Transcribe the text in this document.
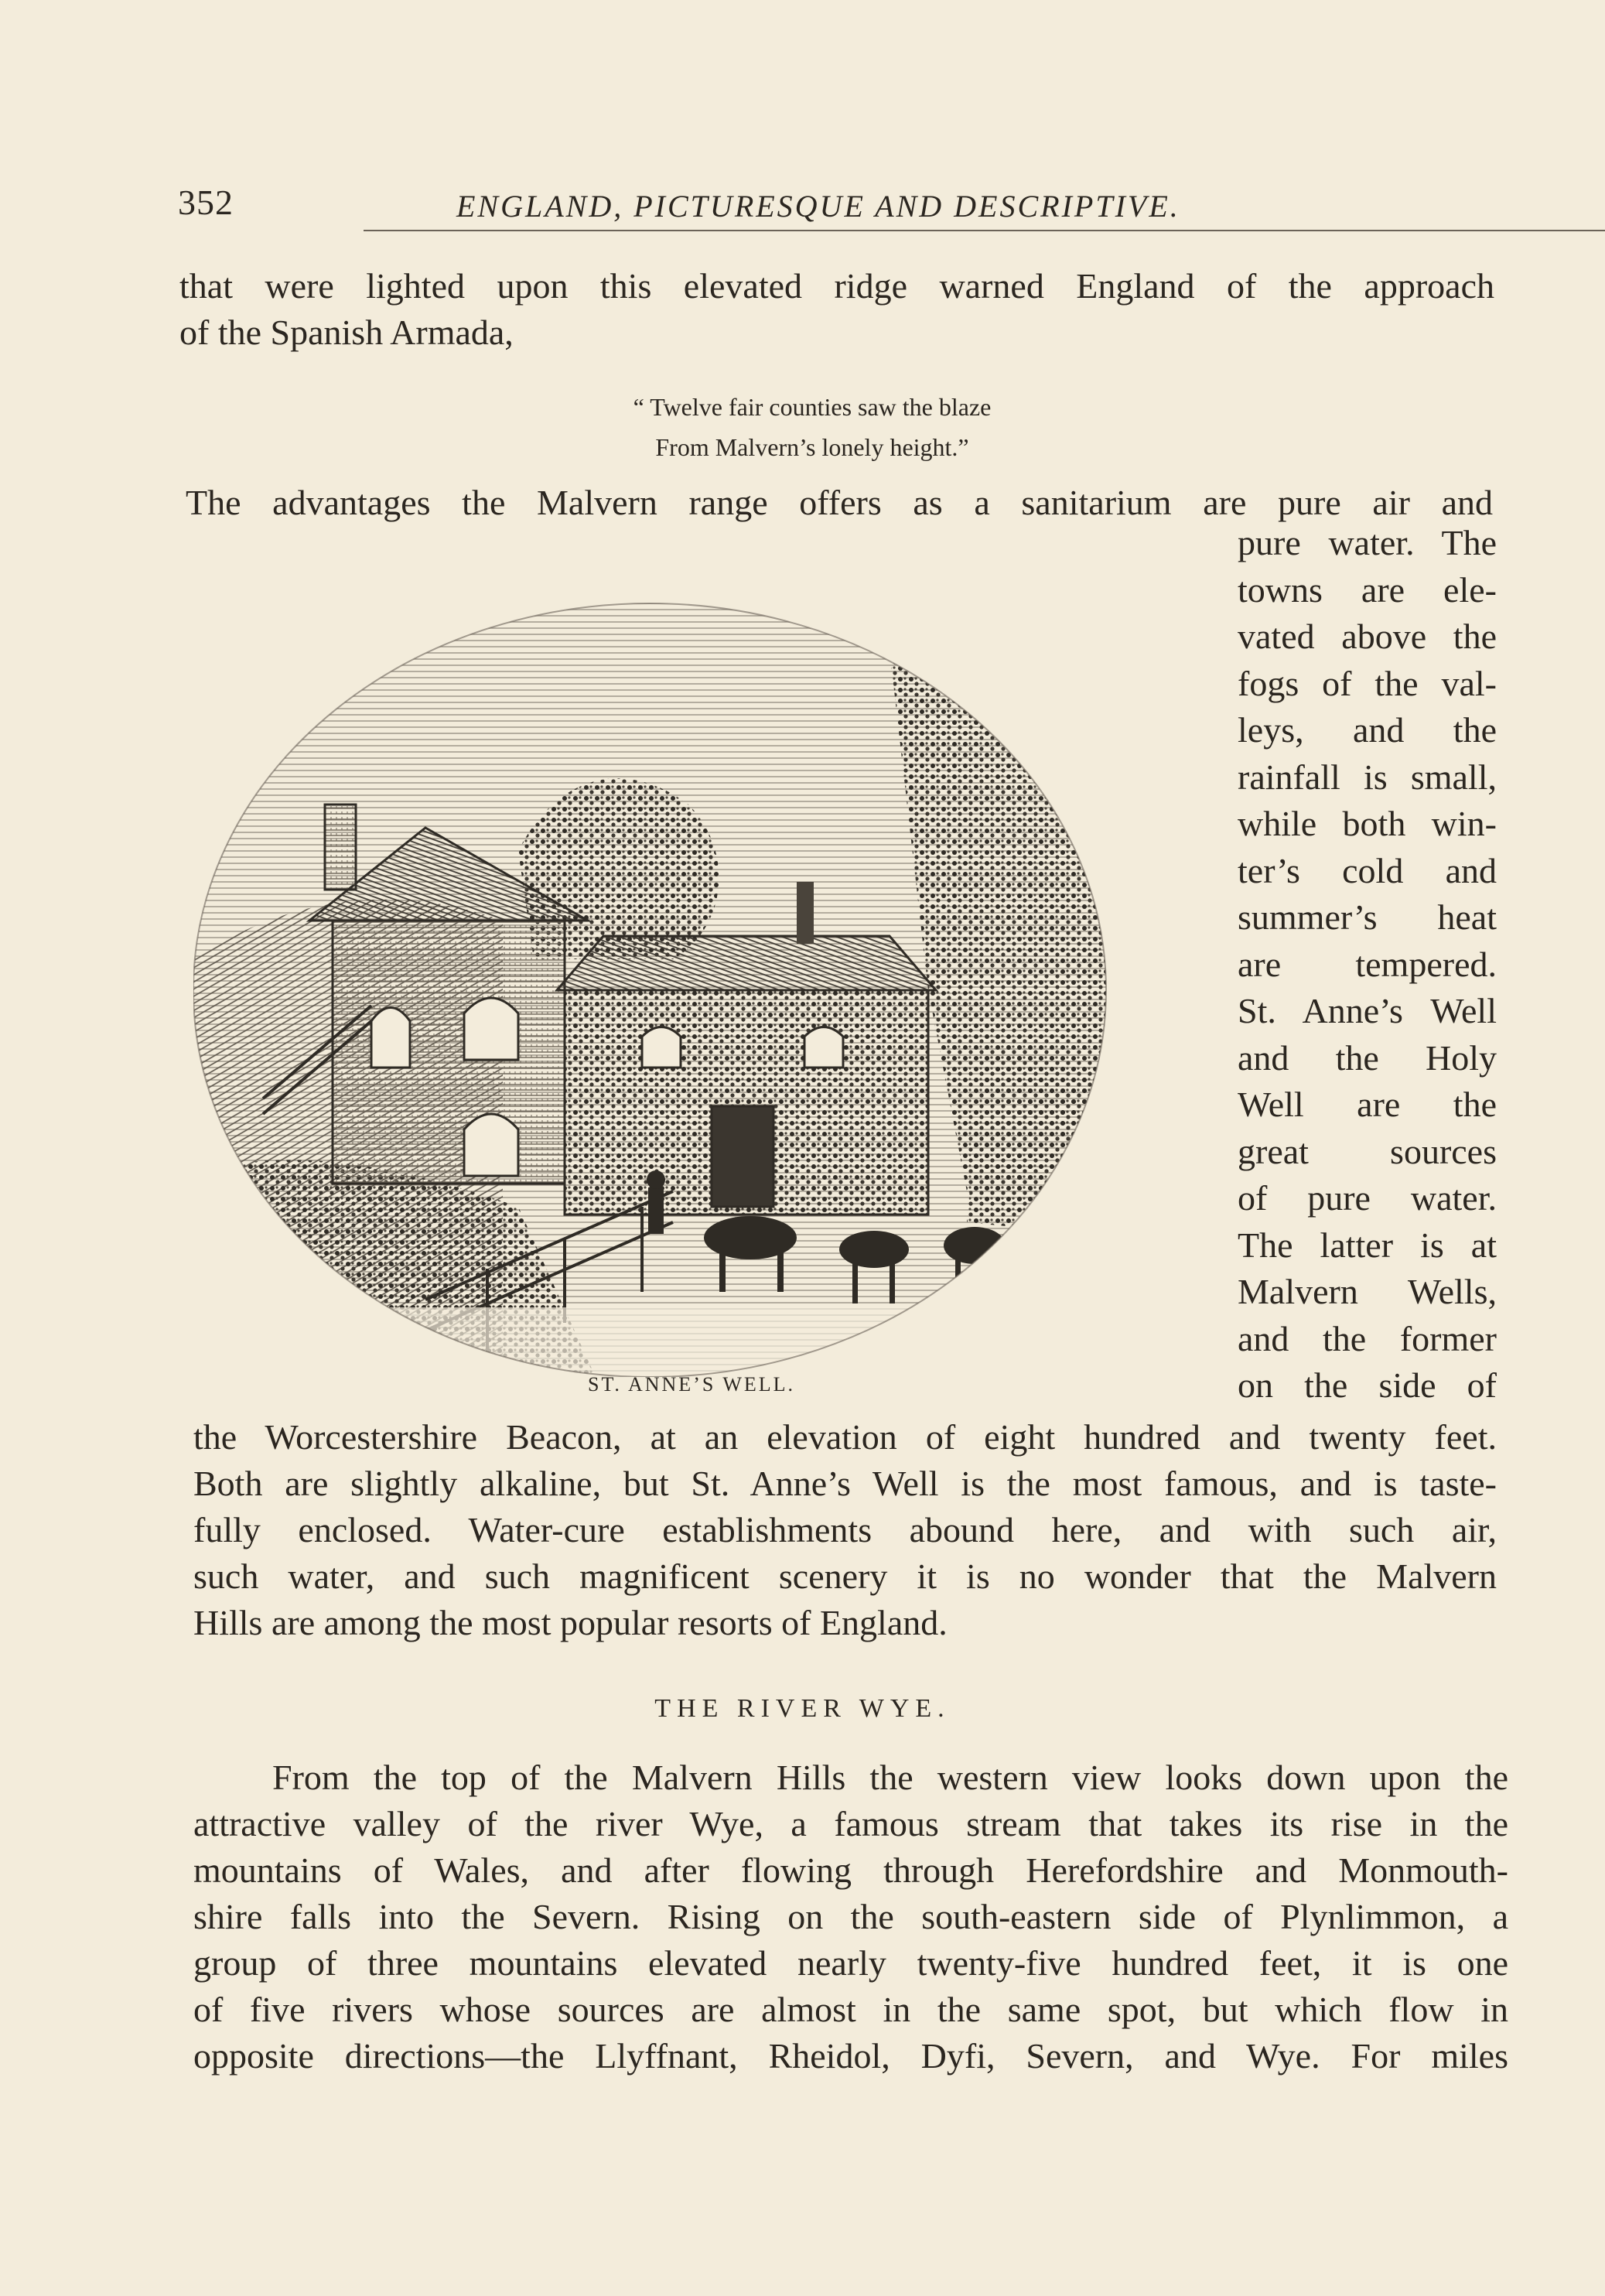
352	ENGLAND, PICTURESQUE AND DESCRIPTIVE.
that were lighted upon this elevated ridge warned England of the approach
of the Spanish Armada,
“ Twelve fair counties saw the blaze
From Malvern’s lonely height.”
The advantages the Malvern range offers as a sanitarium are pure air and
pure water. The
towns are ele-
vated above the
fogs of the val-
leys, and the
rainfall is small,
while both win-
ter’s cold and
summer’s heat
are tempered.
St. Anne’s Well
and the Holy
Well are the
great sources
of pure water.
The latter is at
Malvern Wells,
and the former
on the side of
ST. ANNE’S WELL.
the Worcestershire Beacon, at an elevation of eight hundred and twenty feet.
Both are slightly alkaline, but St. Anne’s Well is the most famous, and is taste-
fully enclosed. Water-cure establishments abound here, and with such air,
such water, and such magnificent scenery it is no wonder that the Malvern
Hills are among the most popular resorts of England.
THE RIVER WYE.
From the top of the Malvern Hills the western view looks down upon the
attractive valley of the river Wye, a famous stream that takes its rise in the
mountains of Wales, and after flowing through Herefordshire and Monmouth-
shire falls into the Severn. Rising on the south-eastern side of Plynlimmon, a
group of three mountains elevated nearly twenty-five hundred feet, it is one
of five rivers whose sources are almost in the same spot, but which flow in
opposite directions—the Llyffnant, Rheidol, Dyfi, Severn, and Wye. For miles
